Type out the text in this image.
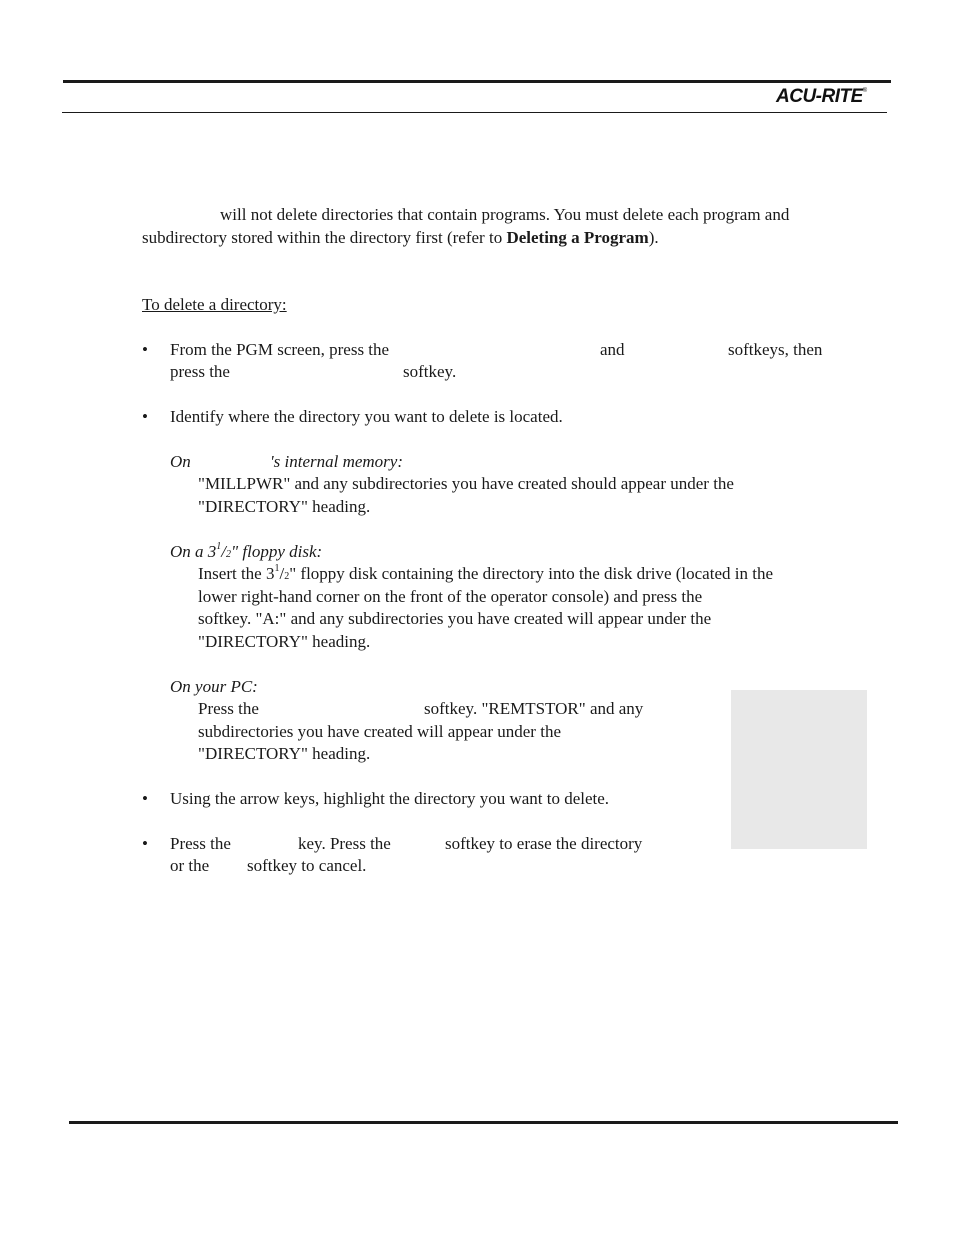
ACU-RITE®
will not delete directories that contain programs. You must delete each program and
subdirectory stored within the directory first (refer to Deleting a Program).
To delete a directory:
• From the PGM screen, press the	and	softkeys, then
press the	softkey.
• Identify where the directory you want to delete is located.
On	's internal memory:
"MILLPWR" and any subdirectories you have created should appear under the
"DIRECTORY" heading.
On a $3^1/2$" floppy disk:
Insert the $3^1/2$" floppy disk containing the directory into the disk drive (located in the
lower right-hand corner on the front of the operator console) and press the
softkey. "A:" and any subdirectories you have created will appear under the
"DIRECTORY" heading.
On your PC:
Press the	softkey. "REMTSTOR" and any
subdirectories you have created will appear under the
"DIRECTORY" heading.
• Using the arrow keys, highlight the directory you want to delete.
• Press the	key. Press the	softkey to erase the directory
or the softkey to cancel.
